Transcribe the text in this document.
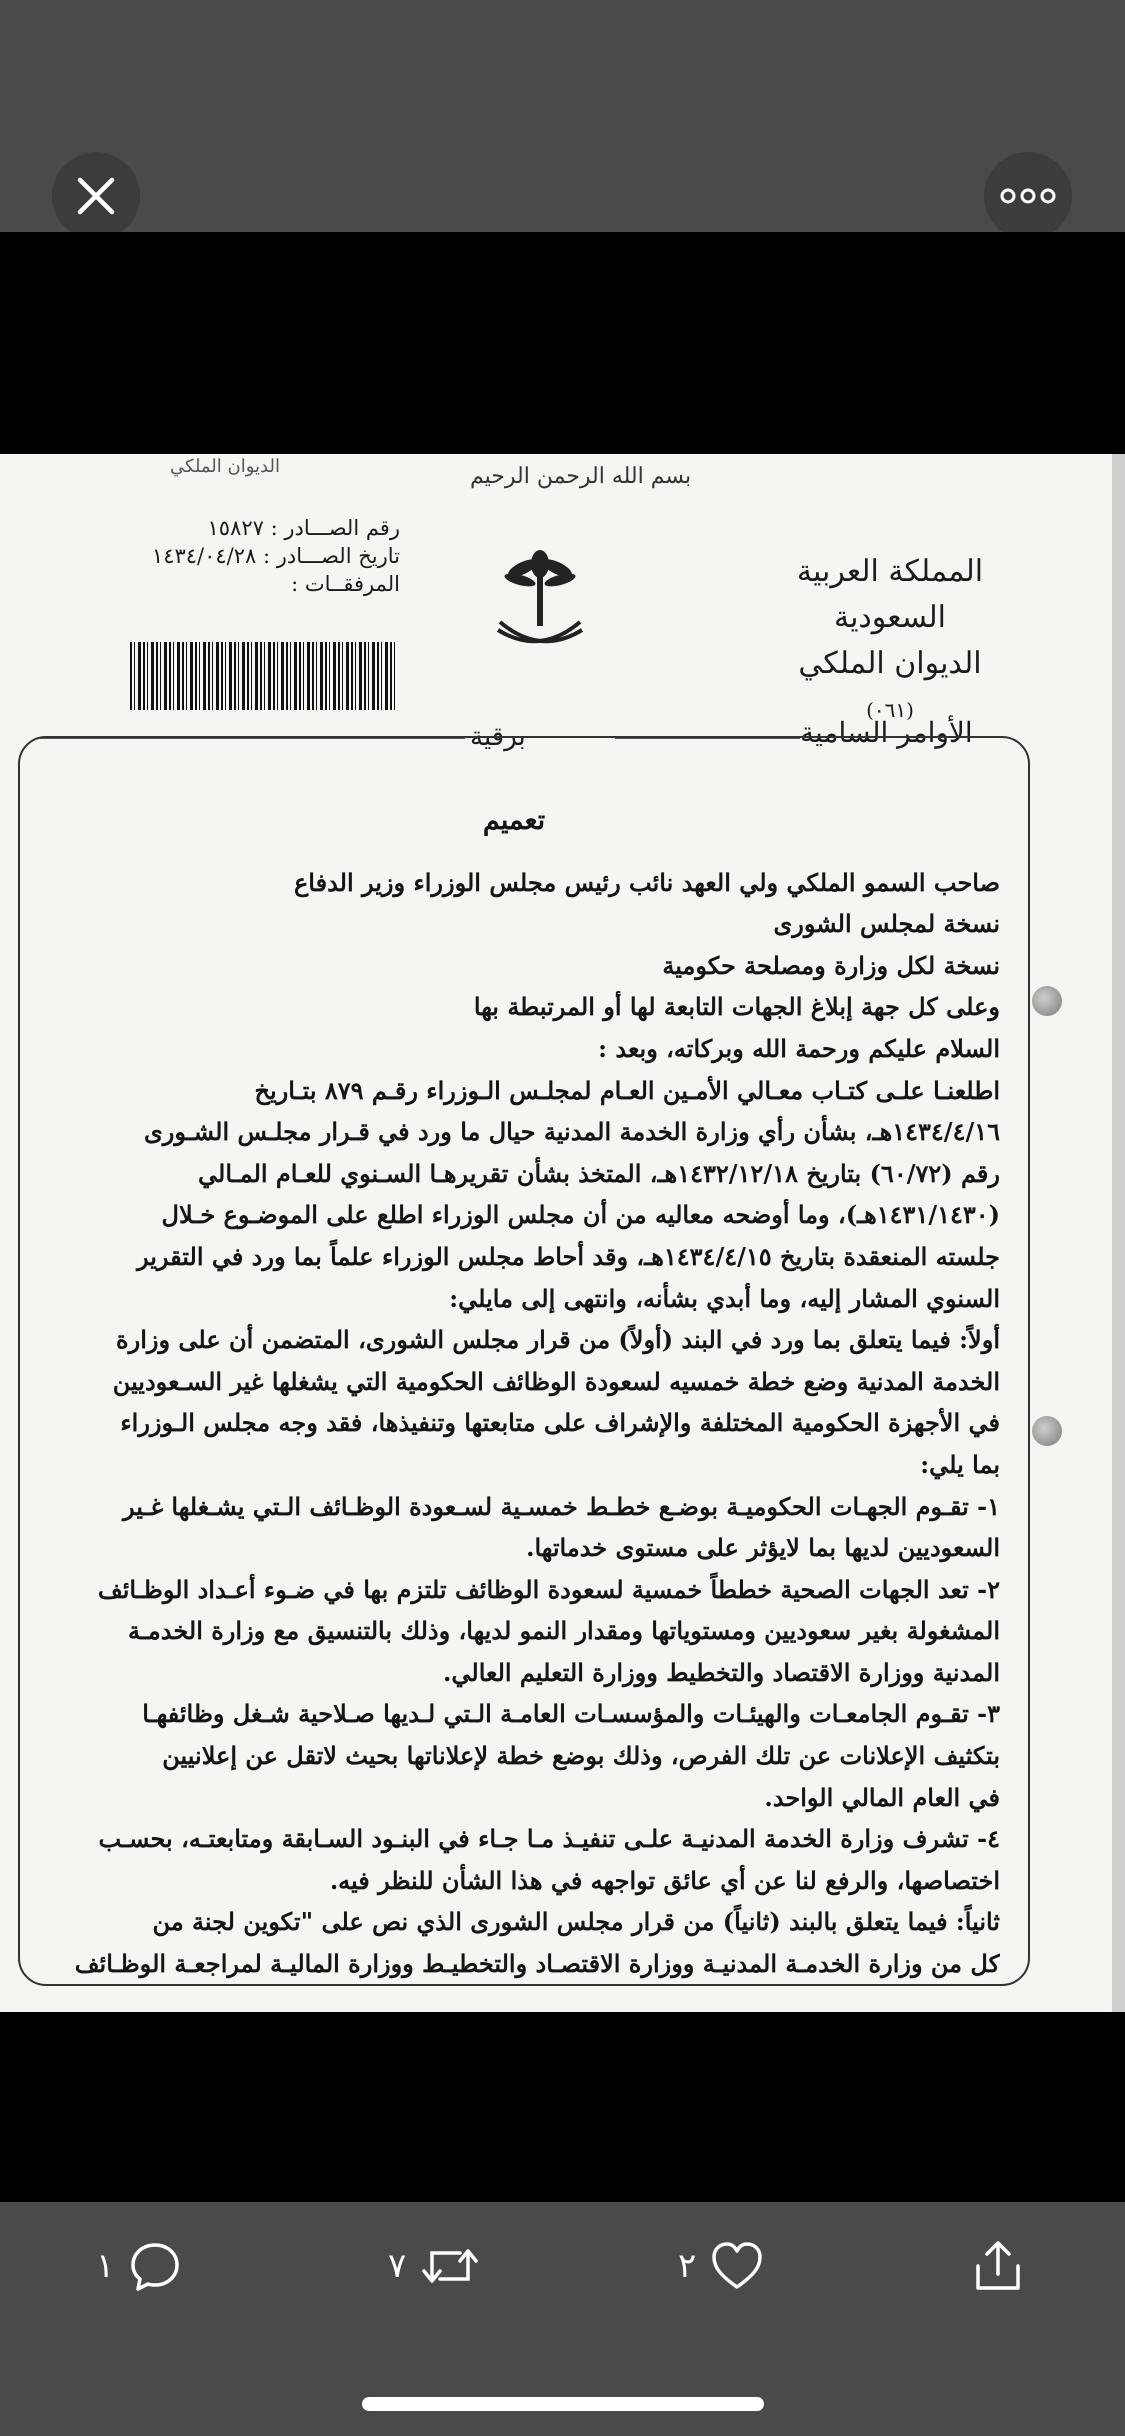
الديوان الملكي	بسم الله الرحمن الرحيم
رقم الصـــادر : ١٥٨٢٧
تاريخ الصـــادر : ١٤٣٤/٠٤/٢٨
المرفقــات :	المملكة العربية السعودية
الديوان الملكي
(٠٦١)
برقية	الأوامر السامية
تعميم
صاحب السمو الملكي ولي العهد نائب رئيس مجلس الوزراء وزير الدفاع
نسخة لمجلس الشورى
نسخة لكل وزارة ومصلحة حكومية
وعلى كل جهة إبلاغ الجهات التابعة لها أو المرتبطة بها
السلام عليكم ورحمة الله وبركاته، وبعد :
اطلعنـا علـى كتـاب معـالي الأمـين العـام لمجلـس الـوزراء رقـم ٨٧٩ بتـاريخ
١٤٣٤/٤/١٦هـ، بشأن رأي وزارة الخدمة المدنية حيال ما ورد في قـرار مجلـس الشـورى
رقم (٦٠/٧٢) بتاريخ ١٤٣٢/١٢/١٨هـ، المتخذ بشأن تقريرهـا السـنوي للعـام المـالي
(١٤٣١/١٤٣٠هـ)، وما أوضحه معاليه من أن مجلس الوزراء اطلع على الموضـوع خـلال
جلسته المنعقدة بتاريخ ١٤٣٤/٤/١٥هـ، وقد أحاط مجلس الوزراء علماً بما ورد في التقرير
السنوي المشار إليه، وما أبدي بشأنه، وانتهى إلى مايلي:
أولاً: فيما يتعلق بما ورد في البند (أولاً) من قرار مجلس الشورى، المتضمن أن على وزارة
الخدمة المدنية وضع خطة خمسيه لسعودة الوظائف الحكومية التي يشغلها غير السـعوديين
في الأجهزة الحكومية المختلفة والإشراف على متابعتها وتنفيذها، فقد وجه مجلس الـوزراء
بما يلي:
١- تقـوم الجهـات الحكوميـة بوضـع خطـط خمسـية لسـعودة الوظـائف الـتي يشـغلها غـير
السعوديين لديها بما لايؤثر على مستوى خدماتها.
٢- تعد الجهات الصحية خططاً خمسية لسعودة الوظائف تلتزم بها في ضـوء أعـداد الوظـائف
المشغولة بغير سعوديين ومستوياتها ومقدار النمو لديها، وذلك بالتنسيق مع وزارة الخدمـة
المدنية ووزارة الاقتصاد والتخطيط ووزارة التعليم العالي.
٣- تقـوم الجامعـات والهيئـات والمؤسسـات العامـة الـتي لـديها صـلاحية شـغل وظائفهـا
بتكثيف الإعلانات عن تلك الفرص، وذلك بوضع خطة لإعلاناتها بحيث لاتقل عن إعلانيين
في العام المالي الواحد.
٤- تشرف وزارة الخدمة المدنيـة علـى تنفيـذ مـا جـاء في البنـود السـابقة ومتابعتـه، بحسـب
اختصاصها، والرفع لنا عن أي عائق تواجهه في هذا الشأن للنظر فيه.
ثانياً: فيما يتعلق بالبند (ثانياً) من قرار مجلس الشورى الذي نص على "تكوين لجنة من
كل من وزارة الخدمـة المدنيـة ووزارة الاقتصـاد والتخطيـط ووزارة الماليـة لمراجعـة الوظـائف
١	٧	٢
